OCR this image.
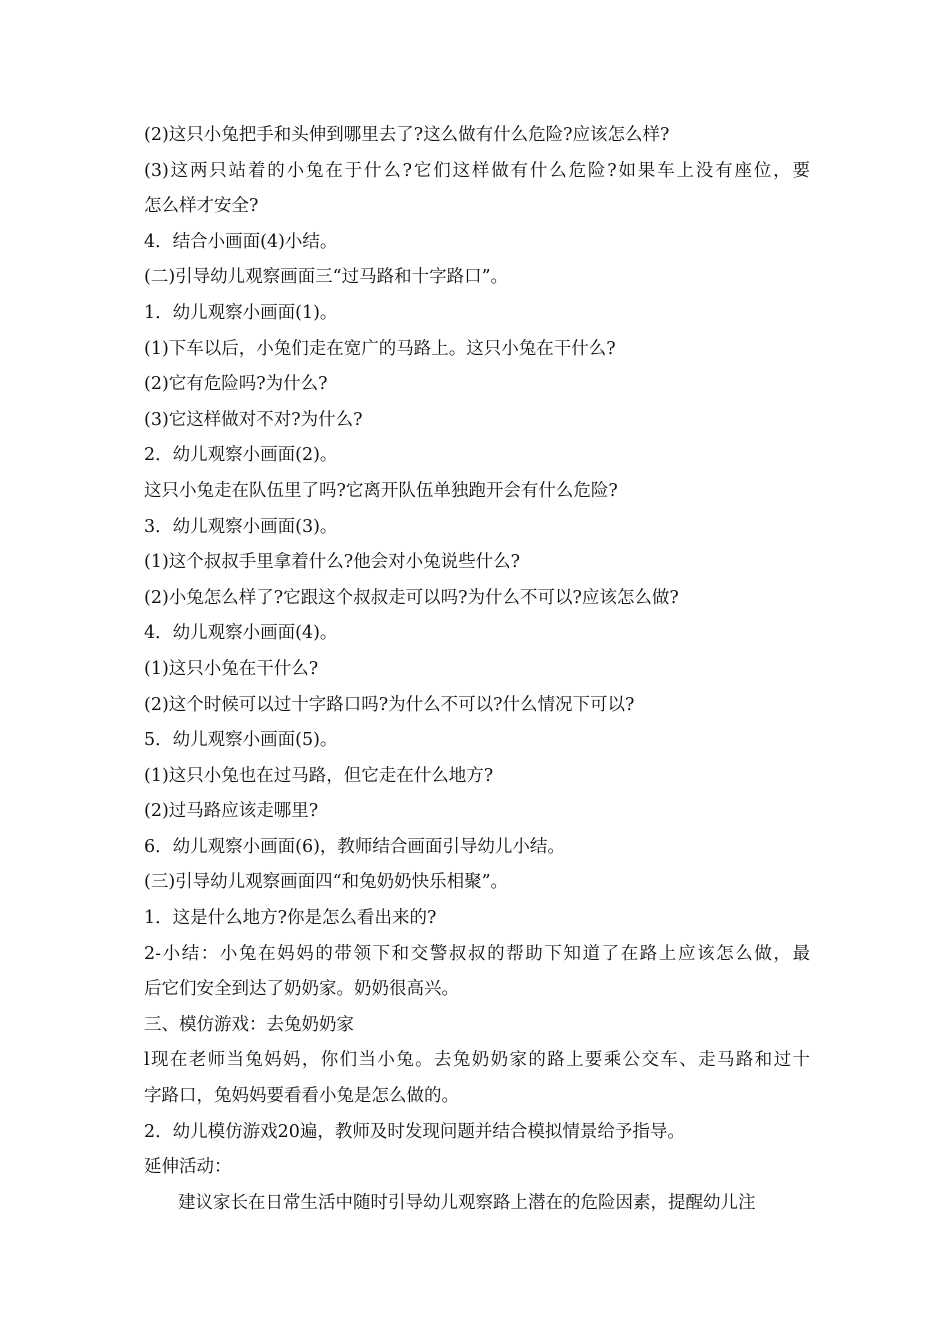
(2)这只小兔把手和头伸到哪里去了?这么做有什么危险?应该怎么样?
(3)这两只站着的小兔在于什么?它们这样做有什么危险?如果车上没有座位，要
怎么样才安全?
4．结合小画面(4)小结。
(二)引导幼儿观察画面三“过马路和十字路口”。
1．幼儿观察小画面(1)。
(1)下车以后，小兔们走在宽广的马路上。这只小兔在干什么?
(2)它有危险吗?为什么?
(3)它这样做对不对?为什么?
2．幼儿观察小画面(2)。
这只小兔走在队伍里了吗?它离开队伍单独跑开会有什么危险?
3．幼儿观察小画面(3)。
(1)这个叔叔手里拿着什么?他会对小兔说些什么?
(2)小兔怎么样了?它跟这个叔叔走可以吗?为什么不可以?应该怎么做?
4．幼儿观察小画面(4)。
(1)这只小兔在干什么?
(2)这个时候可以过十字路口吗?为什么不可以?什么情况下可以?
5．幼儿观察小画面(5)。
(1)这只小兔也在过马路，但它走在什么地方?
(2)过马路应该走哪里?
6．幼儿观察小画面(6)，教师结合画面引导幼儿小结。
(三)引导幼儿观察画面四“和兔奶奶快乐相聚”。
1．这是什么地方?你是怎么看出来的?
2-小结：小兔在妈妈的带领下和交警叔叔的帮助下知道了在路上应该怎么做，最
后它们安全到达了奶奶家。奶奶很高兴。
三、模仿游戏：去兔奶奶家
l现在老师当兔妈妈，你们当小兔。去兔奶奶家的路上要乘公交车、走马路和过十
字路口，兔妈妈要看看小兔是怎么做的。
2．幼儿模仿游戏20遍，教师及时发现问题并结合模拟情景给予指导。
延伸活动：
建议家长在日常生活中随时引导幼儿观察路上潜在的危险因素，提醒幼儿注
